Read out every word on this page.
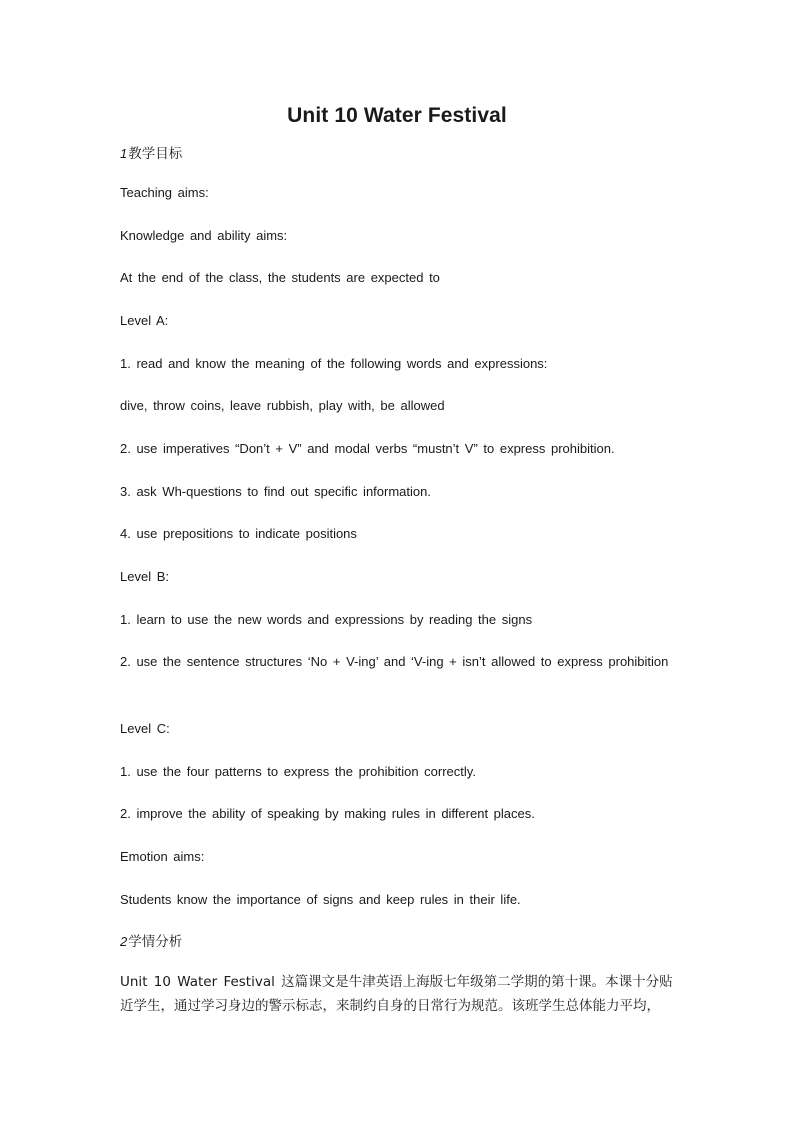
Unit 10 Water Festival
1教学目标
Teaching aims:
Knowledge and ability aims:
At the end of the class, the students are expected to
Level A:
1. read and know the meaning of the following words and expressions:
dive, throw coins, leave rubbish, play with, be allowed
2. use imperatives “Don’t + V” and modal verbs “mustn’t V” to express prohibition.
3. ask Wh-questions to find out specific information.
4. use prepositions to indicate positions
Level B:
1. learn to use the new words and expressions by reading the signs
2. use the sentence structures ‘No + V-ing’ and ‘V-ing + isn’t allowed to express prohibition
Level C:
1. use the four patterns to express the prohibition correctly.
2. improve the ability of speaking by making rules in different places.
Emotion aims:
Students know the importance of signs and keep rules in their life.
2学情分析
Unit 10 Water Festival 这篇课文是牛津英语上海版七年级第二学期的第十课。本课十分贴近学生，通过学习身边的警示标志，来制约自身的日常行为规范。该班学生总体能力平均，
